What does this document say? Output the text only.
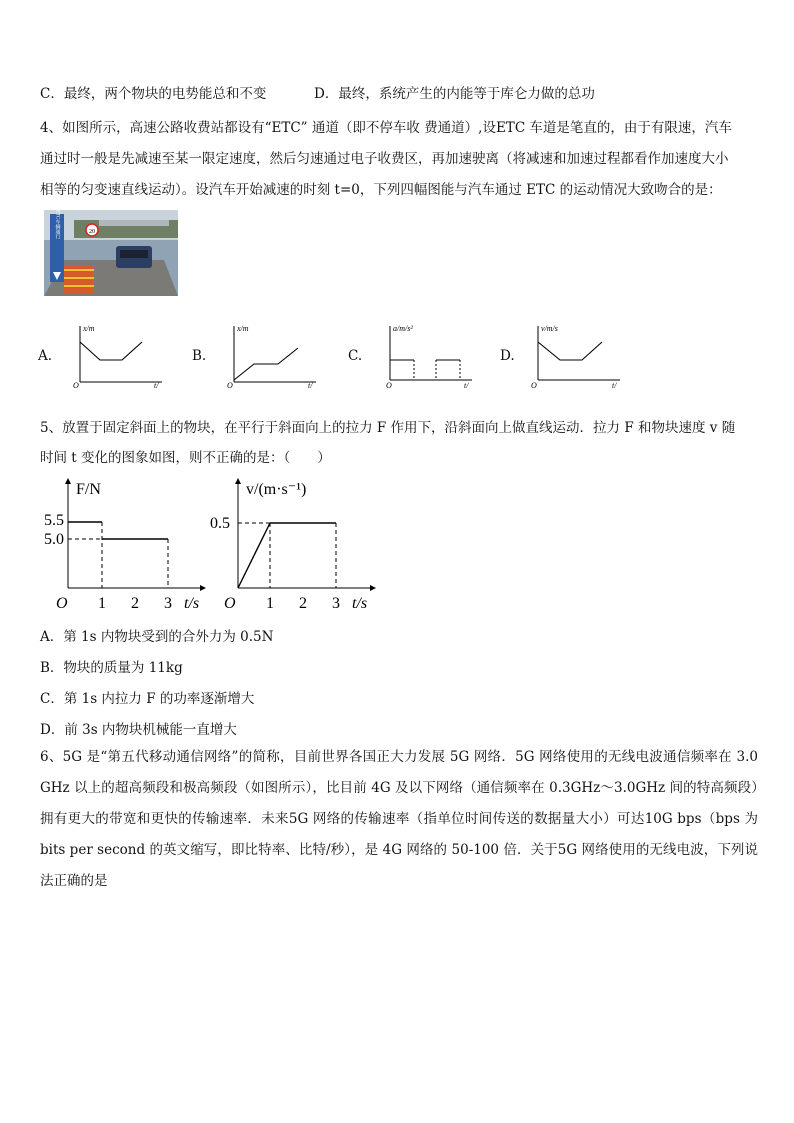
C．最终，两个物块的电势能总和不变	D．最终，系统产生的内能等于库仑力做的总功
4、如图所示，高速公路收费站都设有“ETC” 通道（即不停车收 费通道）,设ETC 车道是笔直的，由于有限速，汽车
通过时一般是先减速至某一限定速度，然后匀速通过电子收费区，再加速驶离（将减速和加速过程都看作加速度大小
相等的匀变速直线运动）。设汽车开始减速的时刻 t=0，下列四幅图能与汽车通过 ETC 的运动情况大致吻合的是：
20
仅ETC车辆通行
A.
x/m
t/
O
B.
x/m
t/
O
C.
a/m/s²
t/
O
D.
v/m/s
t/
O
5、放置于固定斜面上的物块，在平行于斜面向上的拉力 F 作用下，沿斜面向上做直线运动．拉力 F 和物块速度 v 随
时间 t 变化的图象如图，则不正确的是：（　　）
F/N
t/s
O
5.5
5.0
1 2 3
v/(m·s⁻¹)
t/s
O
0.5
1 2 3
A．第 1s 内物块受到的合外力为 0.5N
B．物块的质量为 11kg
C．第 1s 内拉力 F 的功率逐渐增大
D．前 3s 内物块机械能一直增大
6、5G 是“第五代移动通信网络”的简称，目前世界各国正大力发展 5G 网络．5G 网络使用的无线电波通信频率在 3.0 GHz 以上的超高频段和极高频段（如图所示），比目前 4G 及以下网络（通信频率在 0.3GHz～3.0GHz 间的特高频段）拥有更大的带宽和更快的传输速率．未来5G 网络的传输速率（指单位时间传送的数据量大小）可达10G bps（bps 为 bits per second 的英文缩写，即比特率、比特/秒），是 4G 网络的 50-100 倍．关于5G 网络使用的无线电波，下列说法正确的是
